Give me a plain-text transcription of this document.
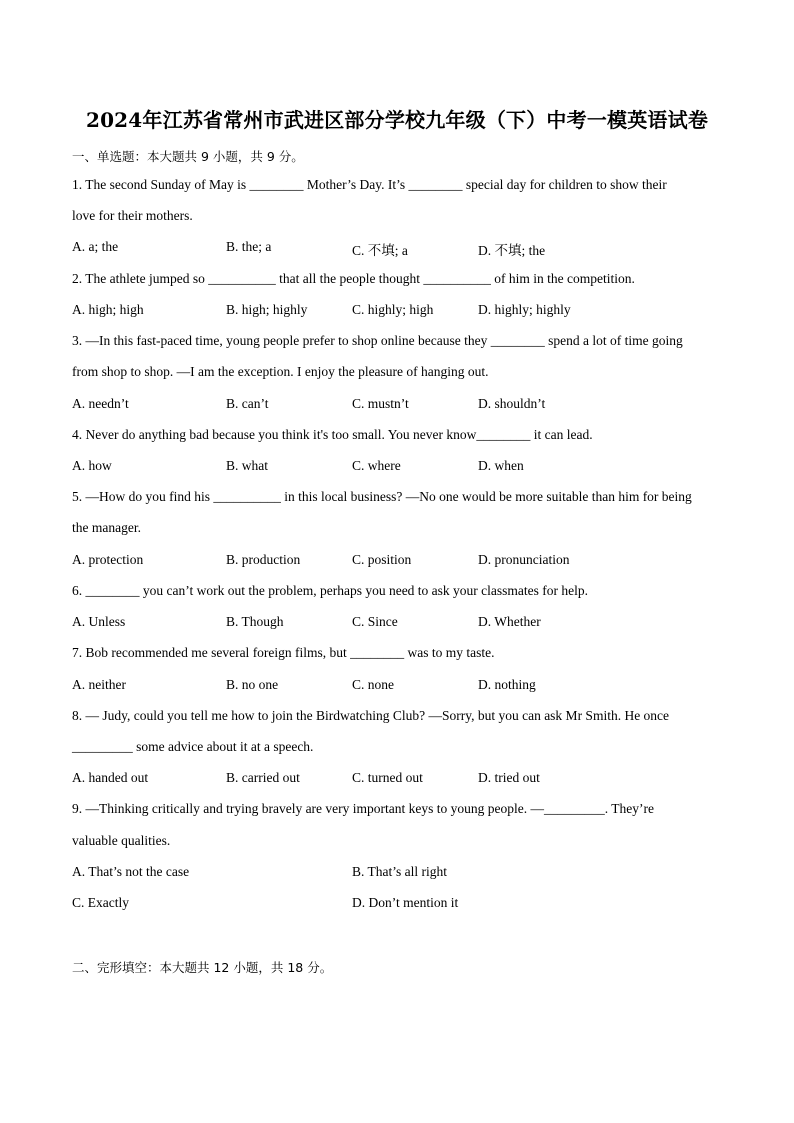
2024年江苏省常州市武进区部分学校九年级（下）中考一模英语试卷
一、单选题：本大题共 9 小题，共 9 分。
1. The second Sunday of May is ________ Mother’s Day. It’s ________ special day for children to show their
love for their mothers.
A. a; the	B. the; a	C. 不填; a	D. 不填; the
2. The athlete jumped so __________ that all the people thought __________ of him in the competition.
A. high; high	B. high; highly	C. highly; high	D. highly; highly
3. —In this fast-paced time, young people prefer to shop online because they ________ spend a lot of time going
from shop to shop. —I am the exception. I enjoy the pleasure of hanging out.
A. needn’t	B. can’t	C. mustn’t	D. shouldn’t
4. Never do anything bad because you think it's too small. You never know________ it can lead.
A. how	B. what	C. where	D. when
5. —How do you find his __________ in this local business? —No one would be more suitable than him for being
the manager.
A. protection	B. production	C. position	D. pronunciation
6. ________ you can’t work out the problem, perhaps you need to ask your classmates for help.
A. Unless	B. Though	C. Since	D. Whether
7. Bob recommended me several foreign films, but ________ was to my taste.
A. neither	B. no one	C. none	D. nothing
8. — Judy, could you tell me how to join the Birdwatching Club? —Sorry, but you can ask Mr Smith. He once
_________ some advice about it at a speech.
A. handed out	B. carried out	C. turned out	D. tried out
9. —Thinking critically and trying bravely are very important keys to young people. —_________. They’re
valuable qualities.
A. That’s not the case	B. That’s all right
C. Exactly	D. Don’t mention it
二、完形填空：本大题共 12 小题，共 18 分。
